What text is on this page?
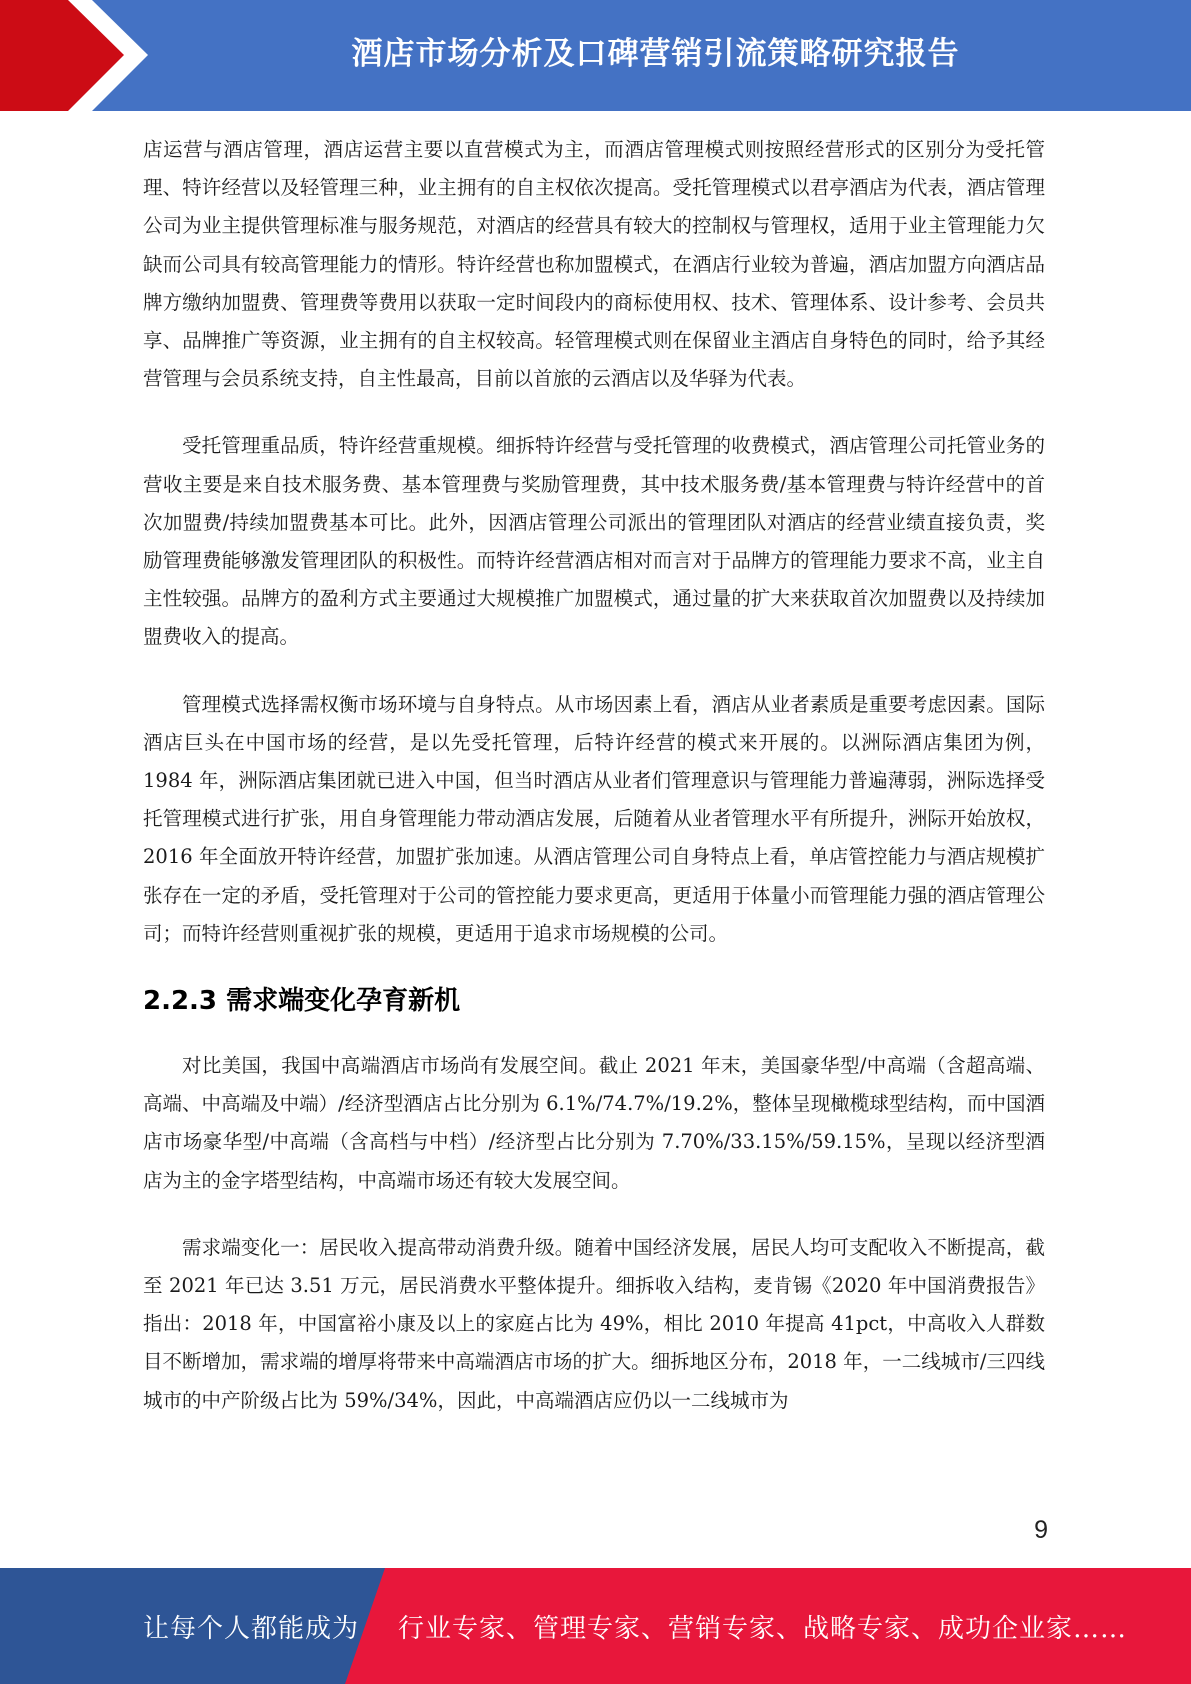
酒店市场分析及口碑营销引流策略研究报告

店运营与酒店管理，酒店运营主要以直营模式为主，而酒店管理模式则按照经营形式的区别分为受托管理、特许经营以及轻管理三种，业主拥有的自主权依次提高。受托管理模式以君亭酒店为代表，酒店管理公司为业主提供管理标准与服务规范，对酒店的经营具有较大的控制权与管理权，适用于业主管理能力欠缺而公司具有较高管理能力的情形。特许经营也称加盟模式，在酒店行业较为普遍，酒店加盟方向酒店品牌方缴纳加盟费、管理费等费用以获取一定时间段内的商标使用权、技术、管理体系、设计参考、会员共享、品牌推广等资源，业主拥有的自主权较高。轻管理模式则在保留业主酒店自身特色的同时，给予其经营管理与会员系统支持，自主性最高，目前以首旅的云酒店以及华驿为代表。

受托管理重品质，特许经营重规模。细拆特许经营与受托管理的收费模式，酒店管理公司托管业务的营收主要是来自技术服务费、基本管理费与奖励管理费，其中技术服务费/基本管理费与特许经营中的首次加盟费/持续加盟费基本可比。此外，因酒店管理公司派出的管理团队对酒店的经营业绩直接负责，奖励管理费能够激发管理团队的积极性。而特许经营酒店相对而言对于品牌方的管理能力要求不高，业主自主性较强。品牌方的盈利方式主要通过大规模推广加盟模式，通过量的扩大来获取首次加盟费以及持续加盟费收入的提高。

管理模式选择需权衡市场环境与自身特点。从市场因素上看，酒店从业者素质是重要考虑因素。国际酒店巨头在中国市场的经营，是以先受托管理，后特许经营的模式来开展的。以洲际酒店集团为例，1984 年，洲际酒店集团就已进入中国，但当时酒店从业者们管理意识与管理能力普遍薄弱，洲际选择受托管理模式进行扩张，用自身管理能力带动酒店发展，后随着从业者管理水平有所提升，洲际开始放权，2016 年全面放开特许经营，加盟扩张加速。从酒店管理公司自身特点上看，单店管控能力与酒店规模扩张存在一定的矛盾，受托管理对于公司的管控能力要求更高，更适用于体量小而管理能力强的酒店管理公司；而特许经营则重视扩张的规模，更适用于追求市场规模的公司。

2.2.3 需求端变化孕育新机

对比美国，我国中高端酒店市场尚有发展空间。截止 2021 年末，美国豪华型/中高端（含超高端、高端、中高端及中端）/经济型酒店占比分别为 6.1%/74.7%/19.2%，整体呈现橄榄球型结构，而中国酒店市场豪华型/中高端（含高档与中档）/经济型占比分别为 7.70%/33.15%/59.15%，呈现以经济型酒店为主的金字塔型结构，中高端市场还有较大发展空间。

需求端变化一：居民收入提高带动消费升级。随着中国经济发展，居民人均可支配收入不断提高，截至 2021 年已达 3.51 万元，居民消费水平整体提升。细拆收入结构，麦肯锡《2020 年中国消费报告》指出：2018 年，中国富裕小康及以上的家庭占比为 49%，相比 2010 年提高 41pct，中高收入人群数目不断增加，需求端的增厚将带来中高端酒店市场的扩大。细拆地区分布，2018 年，一二线城市/三四线城市的中产阶级占比为 59%/34%，因此，中高端酒店应仍以一二线城市为

9
让每个人都能成为 行业专家、管理专家、营销专家、战略专家、成功企业家……
